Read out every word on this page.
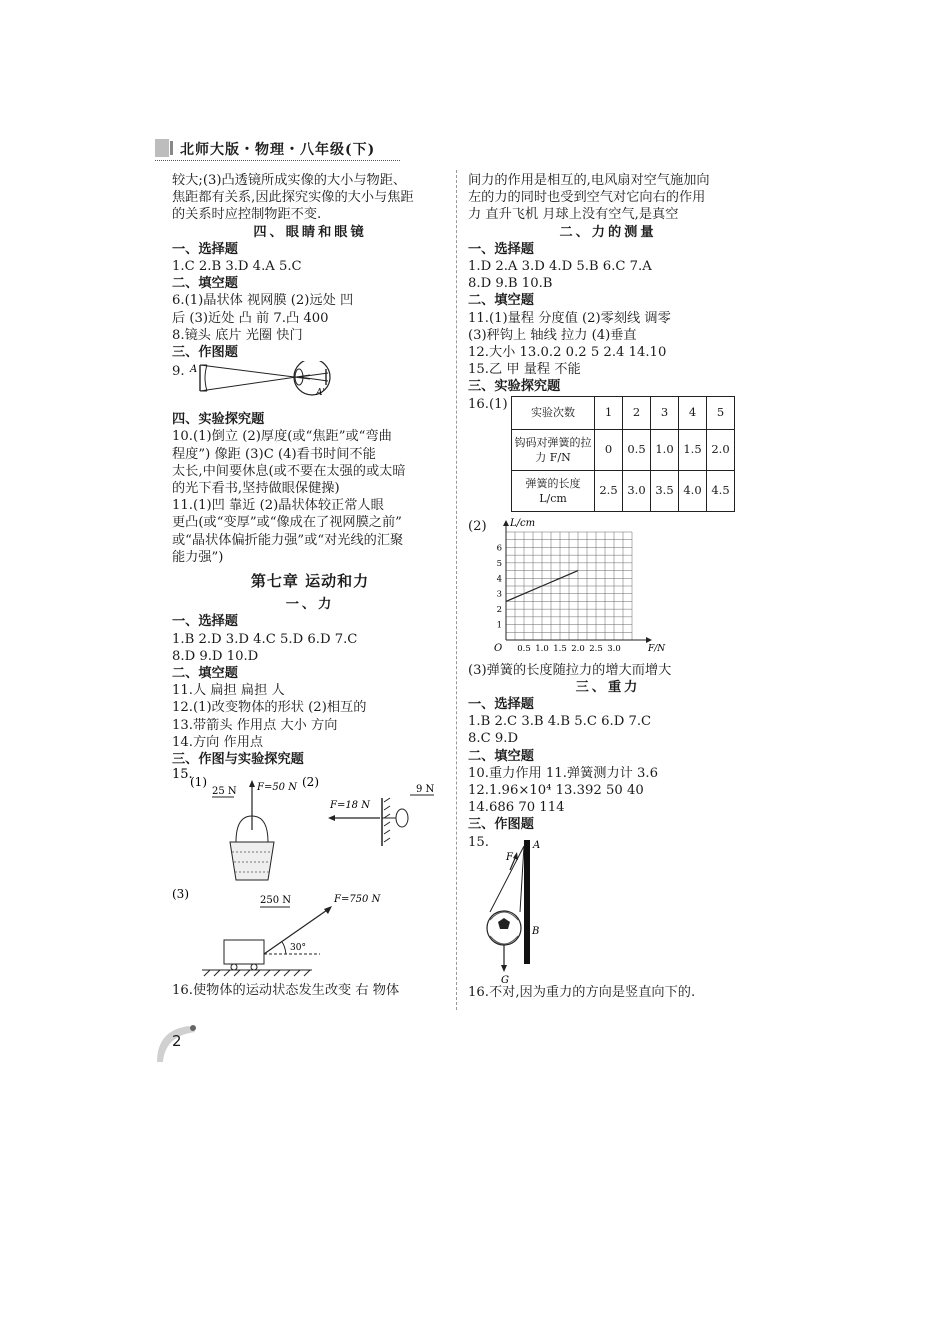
北师大版・物理・八年级(下)

较大;(3)凸透镜所成实像的大小与物距、

焦距都有关系,因此探究实像的大小与焦距

的关系时应控制物距不变.

四、眼睛和眼镜

一、选择题

1.C 2.B 3.D 4.A 5.C

二、填空题

6.(1)晶状体 视网膜 (2)远处 凹

后 (3)近处 凸 前 7.凸 400

8.镜头 底片 光圈 快门

三、作图题

9. A
A'

四、实验探究题

10.(1)倒立 (2)厚度(或“焦距”或“弯曲

程度”) 像距 (3)C (4)看书时间不能

太长,中间要休息(或不要在太强的或太暗

的光下看书,坚持做眼保健操)

11.(1)凹 靠近 (2)晶状体较正常人眼

更凸(或“变厚”或“像成在了视网膜之前”

或“晶状体偏折能力强”或“对光线的汇聚

能力强”)

第七章 运动和力

一、力

一、选择题

1.B 2.D 3.D 4.C 5.D 6.D 7.C

8.D 9.D 10.D

二、填空题

11.人 扁担 扁担 人

12.(1)改变物体的形状 (2)相互的

13.带箭头 作用点 大小 方向

14.方向 作用点

三、作图与实验探究题

15.
(1)
25 N F=50 N (2)
9 N
F=18 N
(3)	250 N	F=750 N
30°

16.使物体的运动状态发生改变 右 物体

间力的作用是相互的,电风扇对空气施加向

左的力的同时也受到空气对它向右的作用

力 直升飞机 月球上没有空气,是真空

二、力的测量

一、选择题

1.D 2.A 3.D 4.D 5.B 6.C 7.A

8.D 9.B 10.B

二、填空题

11.(1)量程 分度值 (2)零刻线 调零

(3)秤钩上 轴线 拉力 (4)垂直

12.大小 13.0.2 0.2 5 2.4 14.10

15.乙 甲 量程 不能

三、实验探究题

16.(1)
实验次数	1	2	3	4	5
钩码对弹簧的拉力 F/N	0	0.5	1.0	1.5	2.0
弹簧的长度 L/cm	2.5	3.0	3.5	4.0	4.5
(2)
0.5 1.0 1.5 2.0 2.5 3.0
1
2
3
4
5
6
L/cm
F/N
O

(3)弹簧的长度随拉力的增大而增大

三、重力

一、选择题

1.B 2.C 3.B 4.B 5.C 6.D 7.C

8.C 9.D

二、填空题

10.重力作用 11.弹簧测力计 3.6

12.1.96×10⁴ 13.392 50 40

14.686 70 114

三、作图题

15.	A
B
F
G

16.不对,因为重力的方向是竖直向下的.

2
